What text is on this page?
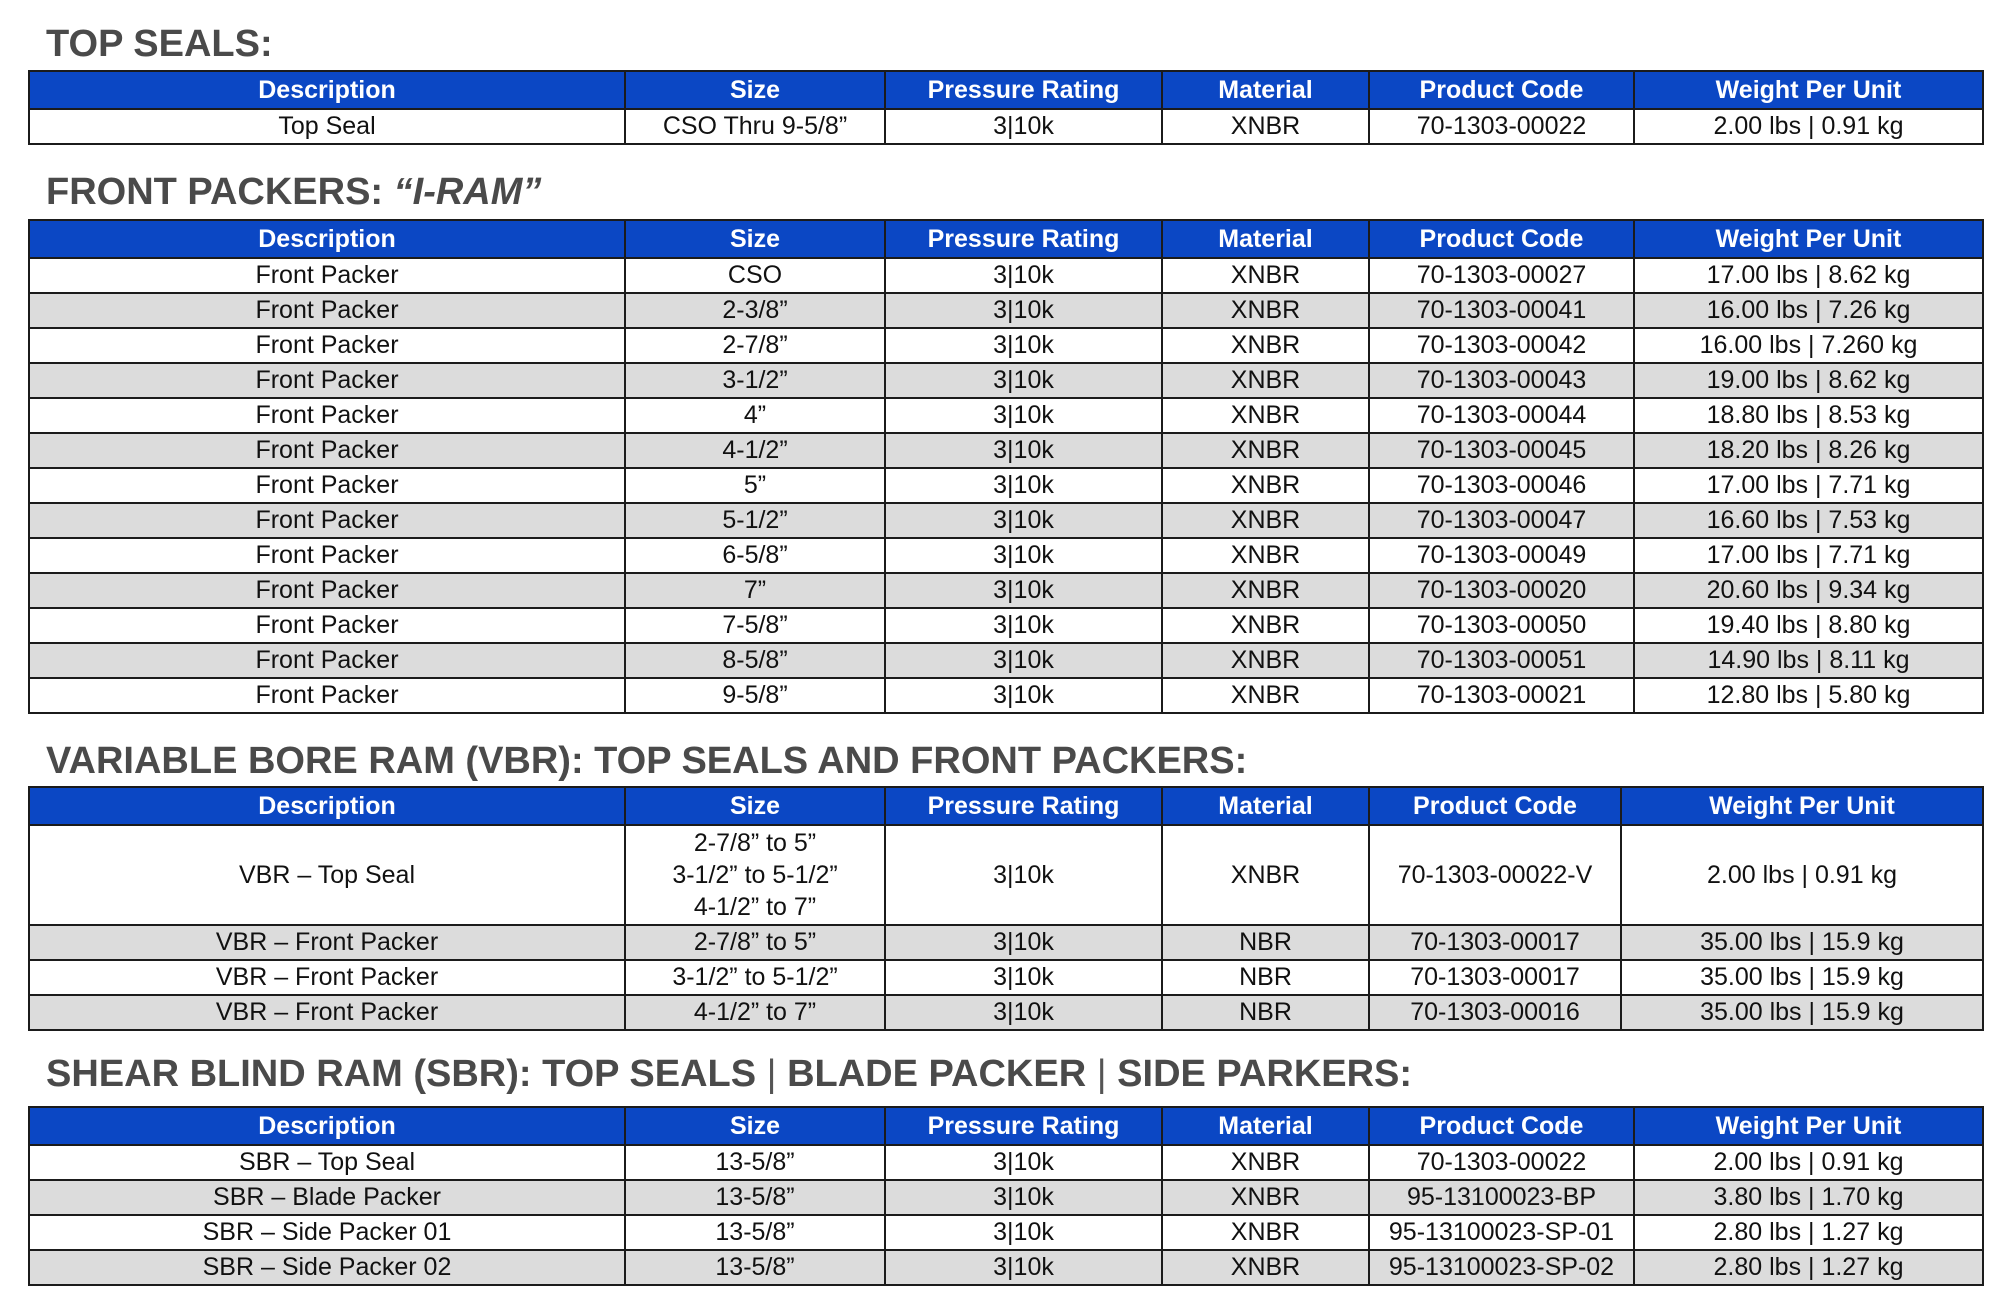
TOP SEALS:
Description	Size	Pressure Rating	Material	Product Code	Weight Per Unit
Top Seal	CSO Thru 9-5/8”	3|10k	XNBR	70-1303-00022	2.00 lbs | 0.91 kg
FRONT PACKERS: “I-RAM”
Description	Size	Pressure Rating	Material	Product Code	Weight Per Unit
Front Packer	CSO	3|10k	XNBR	70-1303-00027	17.00 lbs | 8.62 kg
Front Packer	2-3/8”	3|10k	XNBR	70-1303-00041	16.00 lbs | 7.26 kg
Front Packer	2-7/8”	3|10k	XNBR	70-1303-00042	16.00 lbs | 7.260 kg
Front Packer	3-1/2”	3|10k	XNBR	70-1303-00043	19.00 lbs | 8.62 kg
Front Packer	4”	3|10k	XNBR	70-1303-00044	18.80 lbs | 8.53 kg
Front Packer	4-1/2”	3|10k	XNBR	70-1303-00045	18.20 lbs | 8.26 kg
Front Packer	5”	3|10k	XNBR	70-1303-00046	17.00 lbs | 7.71 kg
Front Packer	5-1/2”	3|10k	XNBR	70-1303-00047	16.60 lbs | 7.53 kg
Front Packer	6-5/8”	3|10k	XNBR	70-1303-00049	17.00 lbs | 7.71 kg
Front Packer	7”	3|10k	XNBR	70-1303-00020	20.60 lbs | 9.34 kg
Front Packer	7-5/8”	3|10k	XNBR	70-1303-00050	19.40 lbs | 8.80 kg
Front Packer	8-5/8”	3|10k	XNBR	70-1303-00051	14.90 lbs | 8.11 kg
Front Packer	9-5/8”	3|10k	XNBR	70-1303-00021	12.80 lbs | 5.80 kg
VARIABLE BORE RAM (VBR): TOP SEALS AND FRONT PACKERS:
Description	Size	Pressure Rating	Material	Product Code	Weight Per Unit
VBR – Top Seal	2-7/8” to 5”
3-1/2” to 5-1/2”
4-1/2” to 7”	3|10k	XNBR	70-1303-00022-V	2.00 lbs | 0.91 kg
VBR – Front Packer	2-7/8” to 5”	3|10k	NBR	70-1303-00017	35.00 lbs | 15.9 kg
VBR – Front Packer	3-1/2” to 5-1/2”	3|10k	NBR	70-1303-00017	35.00 lbs | 15.9 kg
VBR – Front Packer	4-1/2” to 7”	3|10k	NBR	70-1303-00016	35.00 lbs | 15.9 kg
SHEAR BLIND RAM (SBR): TOP SEALS | BLADE PACKER | SIDE PARKERS:
Description	Size	Pressure Rating	Material	Product Code	Weight Per Unit
SBR – Top Seal	13-5/8”	3|10k	XNBR	70-1303-00022	2.00 lbs | 0.91 kg
SBR – Blade Packer	13-5/8”	3|10k	XNBR	95-13100023-BP	3.80 lbs | 1.70 kg
SBR – Side Packer 01	13-5/8”	3|10k	XNBR	95-13100023-SP-01	2.80 lbs | 1.27 kg
SBR – Side Packer 02	13-5/8”	3|10k	XNBR	95-13100023-SP-02	2.80 lbs | 1.27 kg
